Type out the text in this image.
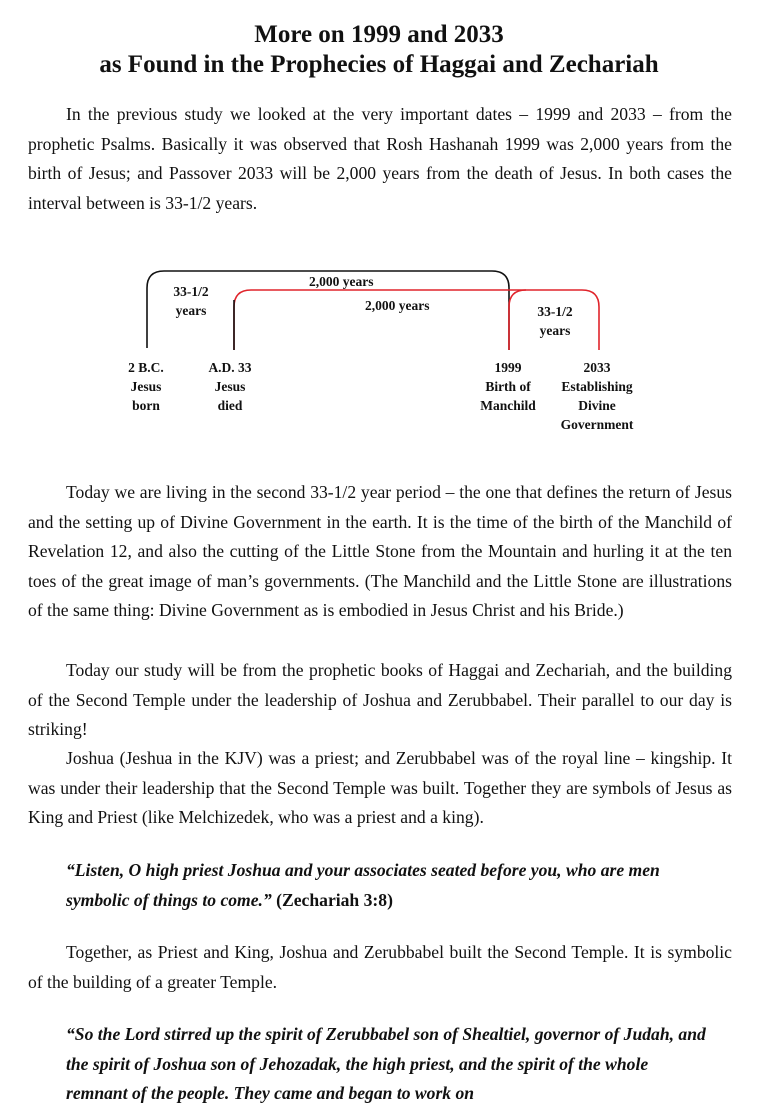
More on 1999 and 2033
as Found in the Prophecies of Haggai and Zechariah

In the previous study we looked at the very important dates – 1999 and 2033 – from the prophetic Psalms. Basically it was observed that Rosh Hashanah 1999 was 2,000 years from the birth of Jesus; and Passover 2033 will be 2,000 years from the death of Jesus. In both cases the interval between is 33-1/2 years.

2,000 years
2,000 years
33-1/2
years	33-1/2
years
2 B.C.
Jesus
born
A.D. 33
Jesus
died
1999
Birth of
Manchild
2033
Establishing
Divine
Government

Today we are living in the second 33-1/2 year period – the one that defines the return of Jesus and the setting up of Divine Government in the earth. It is the time of the birth of the Manchild of Revelation 12, and also the cutting of the Little Stone from the Mountain and hurling it at the ten toes of the great image of man’s governments. (The Manchild and the Little Stone are illustrations of the same thing: Divine Government as is embodied in Jesus Christ and his Bride.)

Today our study will be from the prophetic books of Haggai and Zechariah, and the building of the Second Temple under the leadership of Joshua and Zerubbabel. Their parallel to our day is striking!

Joshua (Jeshua in the KJV) was a priest; and Zerubbabel was of the royal line – kingship. It was under their leadership that the Second Temple was built. Together they are symbols of Jesus as King and Priest (like Melchizedek, who was a priest and a king).

“Listen, O high priest Joshua and your associates seated before you, who are men symbolic of things to come.” (Zechariah 3:8)

Together, as Priest and King, Joshua and Zerubbabel built the Second Temple. It is symbolic of the building of a greater Temple.

“So the Lord stirred up the spirit of Zerubbabel son of Shealtiel, governor of Judah, and the spirit of Joshua son of Jehozadak, the high priest, and the spirit of the whole remnant of the people. They came and began to work on
